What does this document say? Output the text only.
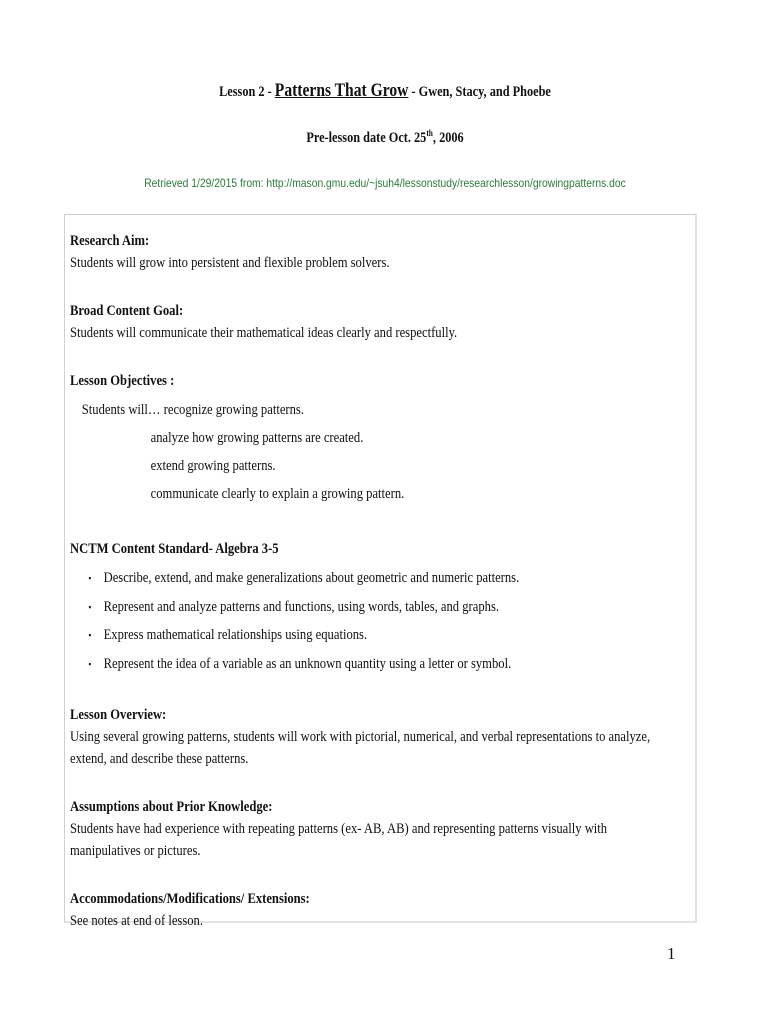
Lesson 2 - Patterns That Grow - Gwen, Stacy, and Phoebe
Pre-lesson date Oct. 25th, 2006
Retrieved 1/29/2015 from: http://mason.gmu.edu/~jsuh4/lessonstudy/researchlesson/growingpatterns.doc

Research Aim:

Students will grow into persistent and flexible problem solvers.

Broad Content Goal:

Students will communicate their mathematical ideas clearly and respectfully.

Lesson Objectives :

Students will… recognize growing patterns.

analyze how growing patterns are created.

extend growing patterns.

communicate clearly to explain a growing pattern.

NCTM Content Standard- Algebra 3-5

▪ Describe, extend, and make generalizations about geometric and numeric patterns.
▪ Represent and analyze patterns and functions, using words, tables, and graphs.
▪ Express mathematical relationships using equations.
▪ Represent the idea of a variable as an unknown quantity using a letter or symbol.

Lesson Overview:

Using several growing patterns, students will work with pictorial, numerical, and verbal representations to analyze, extend, and describe these patterns.

Assumptions about Prior Knowledge:

Students have had experience with repeating patterns (ex- AB, AB) and representing patterns visually with manipulatives or pictures.

Accommodations/Modifications/ Extensions:

See notes at end of lesson.

1
